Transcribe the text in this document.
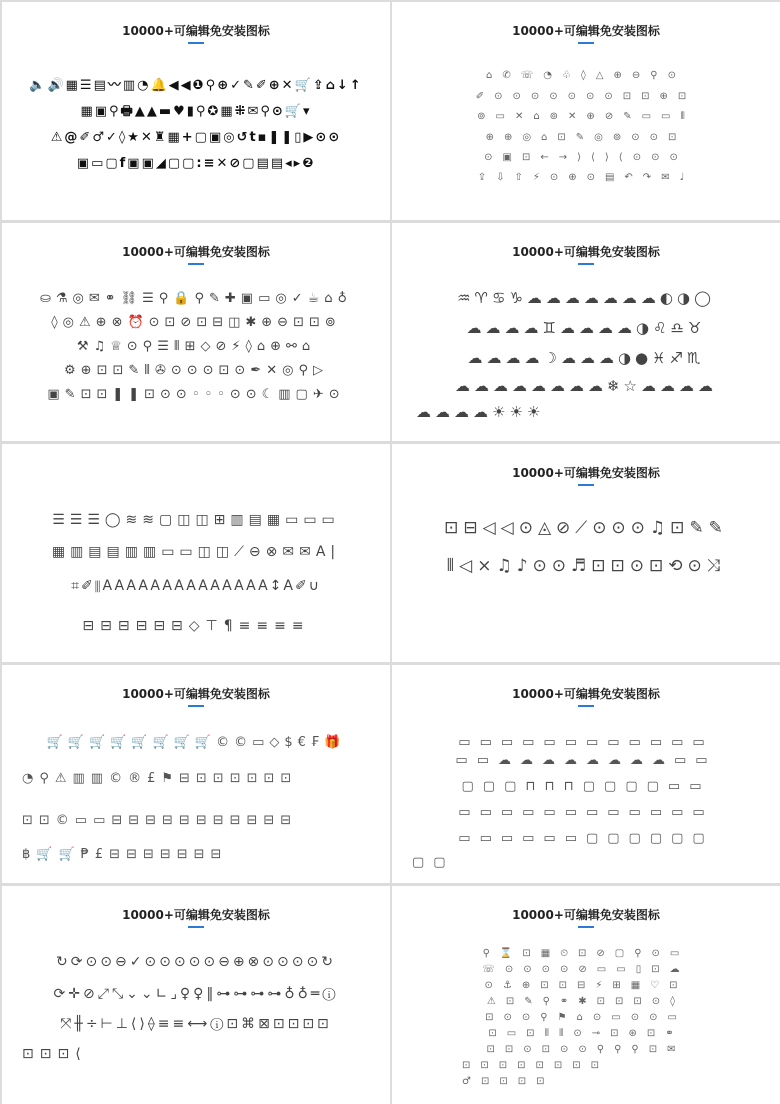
10000+可编辑免安装图标
🔈🔊▦☰▤〰▥◔🔔◀◀❶⚲⊕✓✎✐⊕✕🛒⇪⌂↓↑
▦▣⚲🖶▲▲▬♥▮⚲✪▦⁜✉⚲⊙🛒▾
⚠@✐♂✓◊★✕♜▦+▢▣◎↺t▪❚❚▯▶⊙⊙
▣▭▢f▣▣◢▢▢:≡✕⊘▢▤▤◂▸❷
10000+可编辑免安装图标
⌂✆☏◔♧◊△⊕⊖⚲⊙
✐⊙⊙⊙⊙⊙⊙⊙⊡⊡⊕⊡
⊚▭✕⌂⊚✕⊕⊘✎▭▭⦀
⊕⊕◎⌂⊡✎◎⊚⊙⊙⊡
⊙▣⊡←→⟩⟨⟩⟨⊙⊙⊙
⇪⇩⇧⚡⊙⊕⊙▤↶↷✉♩
10000+可编辑免安装图标
⛀⚗◎✉⚭⛓☰⚲🔒⚲✎✚▣▭◎✓☕⌂♁
◊◎⚠⊕⊗⏰⊙⊡⊘⊡⊟◫✱⊕⊖⊡⊡⊚
⚒♫♕⊙⚲☰⦀⊞◇⊘⚡◊⌂⊕⚯⌂
⚙⊕⊡⊡✎⦀✇⊙⊙⊙⊡⊙✒✕◎⚲▷
▣✎⊡⊡❚❚⊡⊙⊙◦◦◦⊙⊙☾▥▢✈⊙
10000+可编辑免安装图标
♒♈♋♑☁☁☁☁☁☁☁◐◑◯
☁☁☁☁♊☁☁☁☁◑♌♎♉
☁☁☁☁☽☁☁☁◑●♓♐♏
☁☁☁☁☁☁☁☁❄☆☁☁☁☁
☁☁☁☁☀☀☀
☰☰☰◯≋≋▢◫◫⊞▥▤▦▭▭▭
▦▥▤▤▥▥▭▭◫◫⟋⊖⊗✉✉A|
⌗✐⦀AAAAAAAAAAAAAA↕A✐∪
⊟⊟⊟⊟⊟⊟◇⊤¶≡≡≡≡
10000+可编辑免安装图标
⊡⊟◁◁⊙◬⊘⟋⊙⊙⊙♫⊡✎✎
⦀◁×♫♪⊙⊙♬⊡⊡⊙⊡⟲⊙⤨
10000+可编辑免安装图标
🛒🛒🛒🛒🛒🛒🛒🛒©©▭◇$€₣🎁
◔⚲⚠▥▥©®£⚑⊟⊡⊡⊡⊡⊡⊡
⊡⊡©▭▭⊟⊟⊟⊟⊟⊟⊟⊟⊟⊟⊟
฿🛒🛒₱£⊟⊟⊟⊟⊟⊟⊟
10000+可编辑免安装图标
▭▭▭▭▭▭▭▭▭▭▭▭
▭▭☁☁☁☁☁☁☁☁▭▭
▢▢▢⊓⊓⊓▢▢▢▢▭▭
▭▭▭▭▭▭▭▭▭▭▭▭
▭▭▭▭▭▭▢▢▢▢▢▢
▢▢
10000+可编辑免安装图标
↻⟳⊙⊙⊖✓⊙⊙⊙⊙⊙⊖⊕⊗⊙⊙⊙⊙↻
⟳✛⊘⤢⤡⌄⌄∟⌟♀♀‖⊶⊶⊶⊶♁♁═ⓘ
⤧╫÷⊢⊥⟨⟩⟠≡≡⟷ⓘ⊡⌘⊠⊡⊡⊡⊡
⊡⊡⊡⟨
10000+可编辑免安装图标
⚲⌛⊡▦⏲⊡⊘▢⚲⊙▭
☏⊙⊙⊙⊙⊘▭▭▯⊡☁
⊙⚓⊕⊡⊡⊟⚡⊞▦♡⊡
⚠⊡✎⚲⚭✱⊡⊡⊡⊙◊
⊡⊙⊙⚲⚑⌂⊙▭⊙⊙▭
⊡▭⊡⦀⦀⊙⊸⊡⊛⊡⚭
⊡⊡⊙⊡⊙⊙⚲⚲⚲⊡✉
⊡⊡⊡⊡⊡⊡⊡⊡
♂⊡⊡⊡⊡
